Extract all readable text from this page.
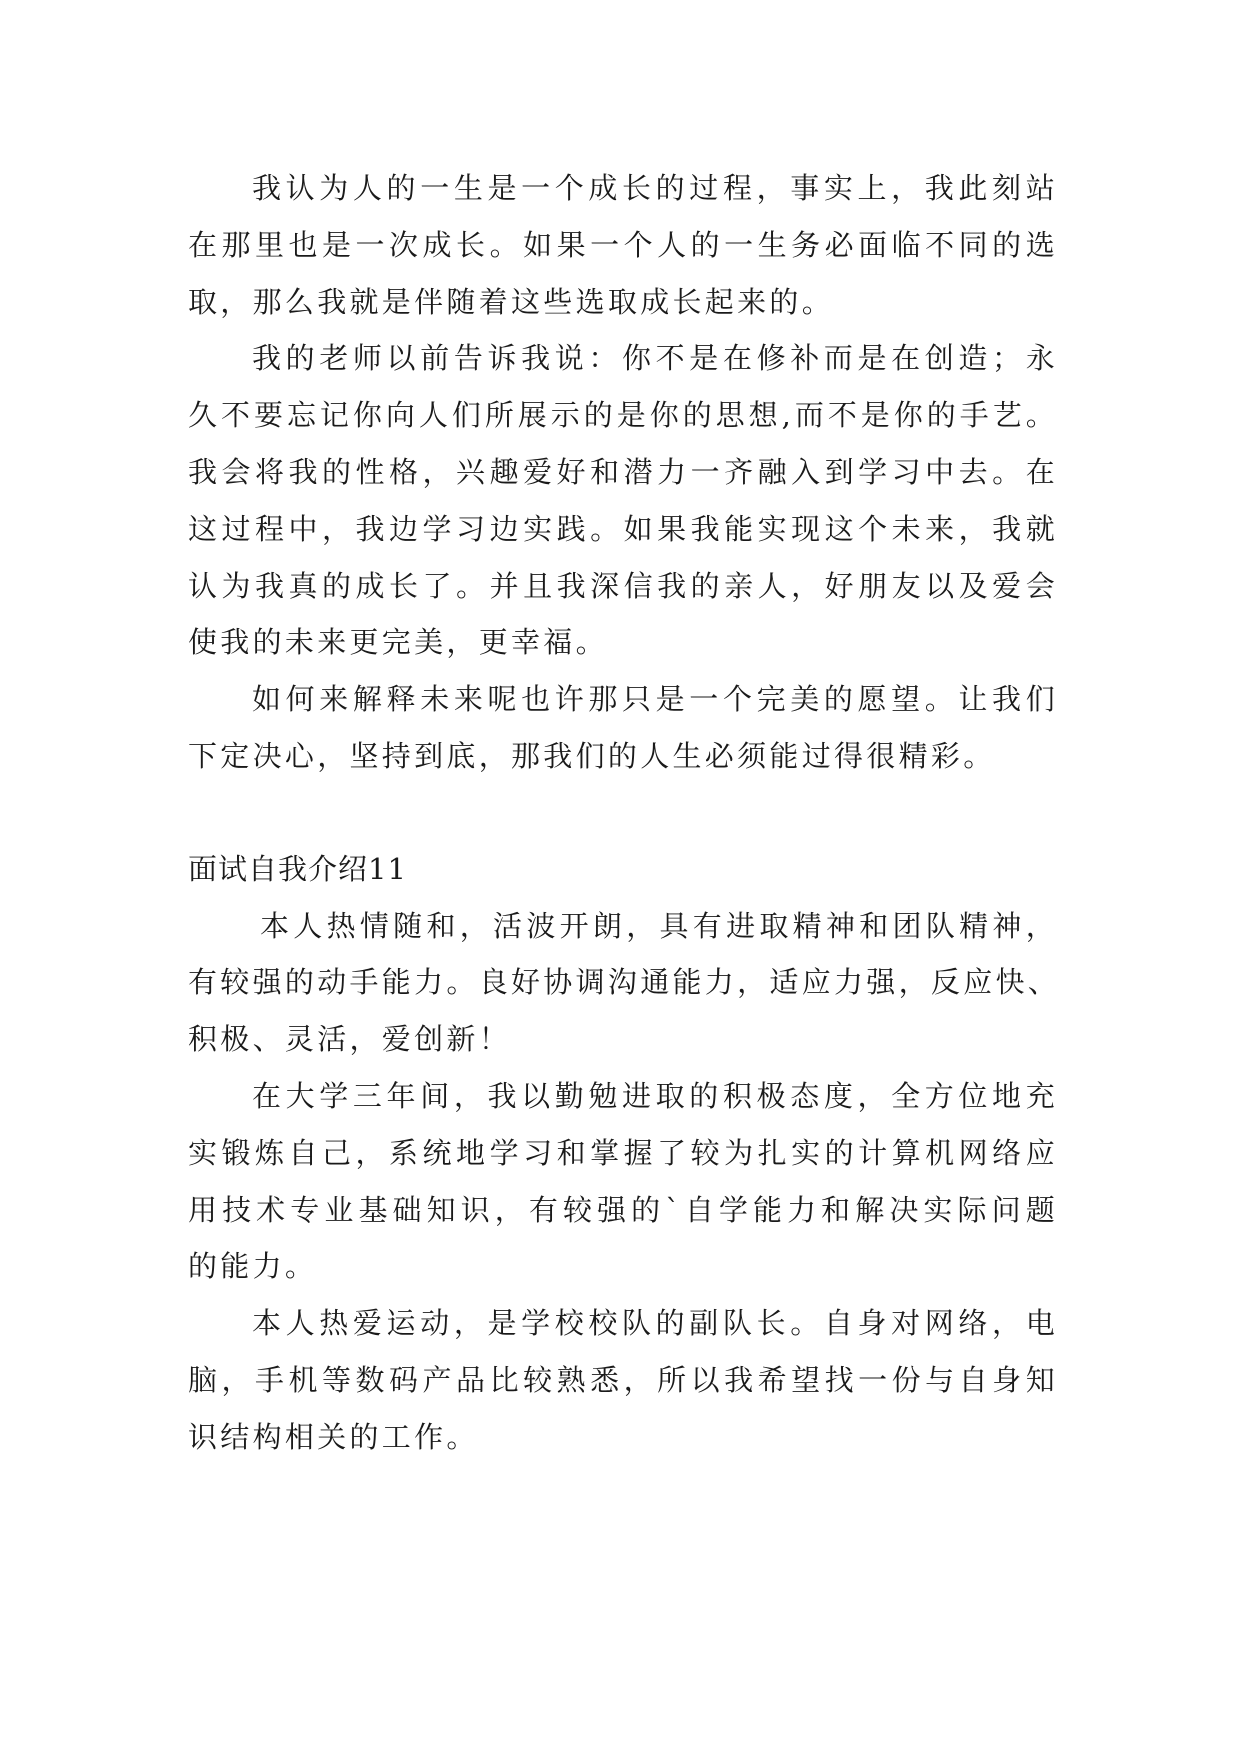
我认为人的一生是一个成长的过程，事实上，我此刻站
在那里也是一次成长。如果一个人的一生务必面临不同的选
取，那么我就是伴随着这些选取成长起来的。
我的老师以前告诉我说：你不是在修补而是在创造；永
久不要忘记你向人们所展示的是你的思想,而不是你的手艺。
我会将我的性格，兴趣爱好和潜力一齐融入到学习中去。在
这过程中，我边学习边实践。如果我能实现这个未来，我就
认为我真的成长了。并且我深信我的亲人，好朋友以及爱会
使我的未来更完美，更幸福。
如何来解释未来呢也许那只是一个完美的愿望。让我们
下定决心，坚持到底，那我们的人生必须能过得很精彩。
面试自我介绍11
本人热情随和，活波开朗，具有进取精神和团队精神，
有较强的动手能力。良好协调沟通能力，适应力强，反应快、
积极、灵活，爱创新！
在大学三年间，我以勤勉进取的积极态度，全方位地充
实锻炼自己，系统地学习和掌握了较为扎实的计算机网络应
用技术专业基础知识，有较强的`自学能力和解决实际问题
的能力。
本人热爱运动，是学校校队的副队长。自身对网络，电
脑，手机等数码产品比较熟悉，所以我希望找一份与自身知
识结构相关的工作。
